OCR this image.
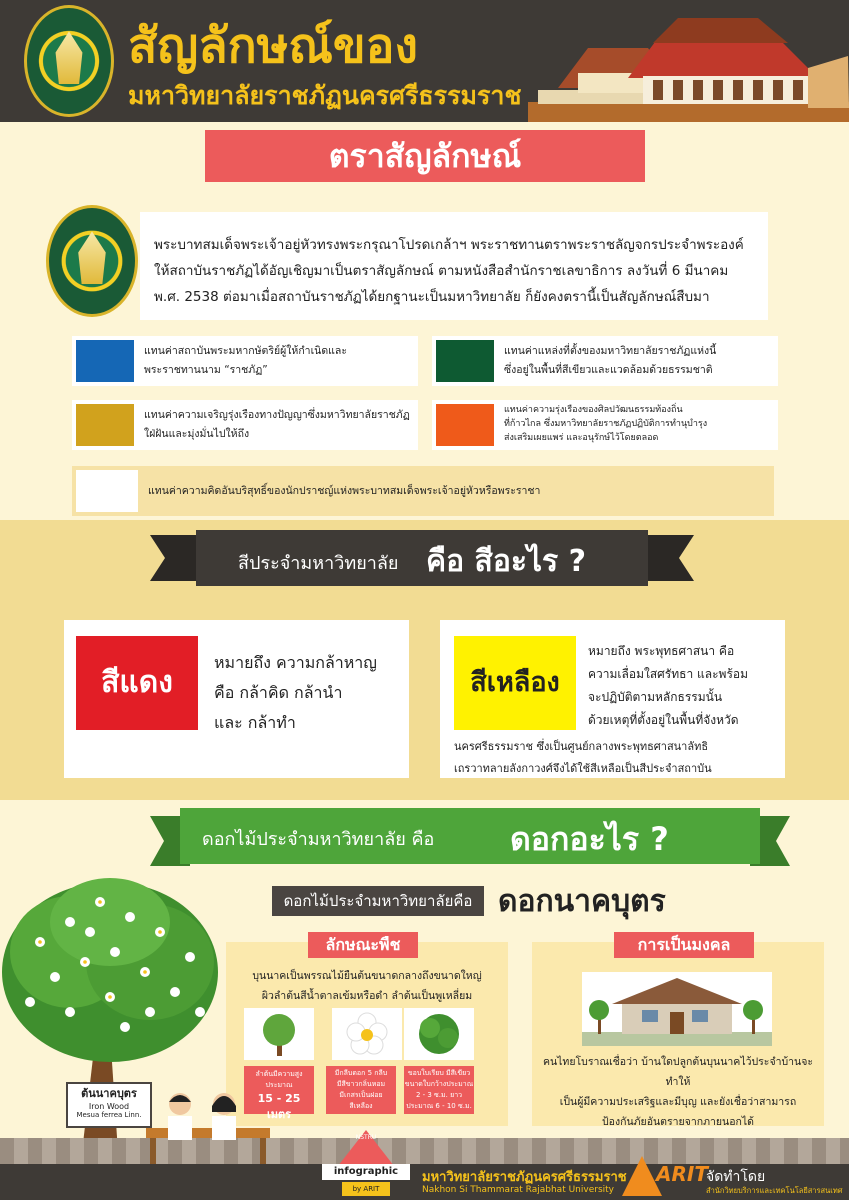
สัญลักษณ์ของ
มหาวิทยาลัยราชภัฏนครศรีธรรมราช
ตราสัญลักษณ์
พระบาทสมเด็จพระเจ้าอยู่หัวทรงพระกรุณาโปรดเกล้าฯ พระราชทานตราพระราชลัญจกรประจำพระองค์
ให้สถาบันราชภัฏได้อัญเชิญมาเป็นตราสัญลักษณ์ ตามหนังสือสำนักราชเลขาธิการ ลงวันที่ 6 มีนาคม
พ.ศ. 2538 ต่อมาเมื่อสถาบันราชภัฏได้ยกฐานะเป็นมหาวิทยาลัย ก็ยังคงตรานี้เป็นสัญลักษณ์สืบมา
แทนค่าสถาบันพระมหากษัตริย์ผู้ให้กำเนิดและ
พระราชทานนาม “ราชภัฏ”
แทนค่าแหล่งที่ตั้งของมหาวิทยาลัยราชภัฏแห่งนี้
ซึ่งอยู่ในพื้นที่สีเขียวและแวดล้อมด้วยธรรมชาติ
แทนค่าความเจริญรุ่งเรืองทางปัญญาซึ่งมหาวิทยาลัยราชภัฏ
ใฝ่ฝันและมุ่งมั่นไปให้ถึง
แทนค่าความรุ่งเรืองของศิลปวัฒนธรรมท้องถิ่น
ที่ก้าวไกล ซึ่งมหาวิทยาลัยราชภัฏปฏิบัติการทำนุบำรุง
ส่งเสริมเผยแพร่ และอนุรักษ์ไว้โดยตลอด
แทนค่าความคิดอันบริสุทธิ์ของนักปราชญ์แห่งพระบาทสมเด็จพระเจ้าอยู่หัวหรือพระราชา
สีประจำมหาวิทยาลัย คือ สีอะไร ?
สีแดง
หมายถึง ความกล้าหาญ
คือ กล้าคิด กล้านำ
และ กล้าทำ
สีเหลือง
หมายถึง พระพุทธศาสนา คือ
ความเลื่อมใสศรัทธา และพร้อม
จะปฏิบัติตามหลักธรรมนั้น
ด้วยเหตุที่ตั้งอยู่ในพื้นที่จังหวัด
นครศรีธรรมราช ซึ่งเป็นศูนย์กลางพระพุทธศาสนาลัทธิ
เถรวาทลายลังกาวงศ์จึงได้ใช้สีเหลือเป็นสีประจำสถาบัน
ดอกไม้ประจำมหาวิทยาลัย คือ ดอกอะไร ?
ดอกไม้ประจำมหาวิทยาลัยคือ ดอกนาคบุตร
ต้นนาคบุตร
Iron Wood
Mesua ferrea Linn.
ลักษณะพืช
บุนนาคเป็นพรรณไม้ยืนต้นขนาดกลางถึงขนาดใหญ่
ผิวลำต้นสีน้ำตาลเข้มหรือดำ ลำต้นเป็นพูเหลี่ยม
ลำต้นมีความสูง
ประมาณ
15 - 25 เมตร
มีกลีบดอก 5 กลีบ
มีสีขาวกลิ่นหอม
มีเกสรเป็นฝอย
สีเหลือง
ขอบใบเรียบ มีสีเขียว
ขนาดใบกว้างประมาณ
2 - 3 ซ.ม. ยาว
ประมาณ 6 - 10 ซ.ม.
การเป็นมงคล
คนไทยโบราณเชื่อว่า บ้านใดปลูกต้นบุนนาคไว้ประจำบ้านจะทำให้
เป็นผู้มีความประเสริฐและมีบุญ และยังเชื่อว่าสามารถ
ป้องกันภัยอันตรายจากภายนอกได้
NSTRU
infographic
by ARIT
มหาวิทยาลัยราชภัฏนครศรีธรรมราช
Nakhon Si Thammarat Rajabhat University
ARIT
จัดทำโดย
สำนักวิทยบริการและเทคโนโลยีสารสนเทศ
